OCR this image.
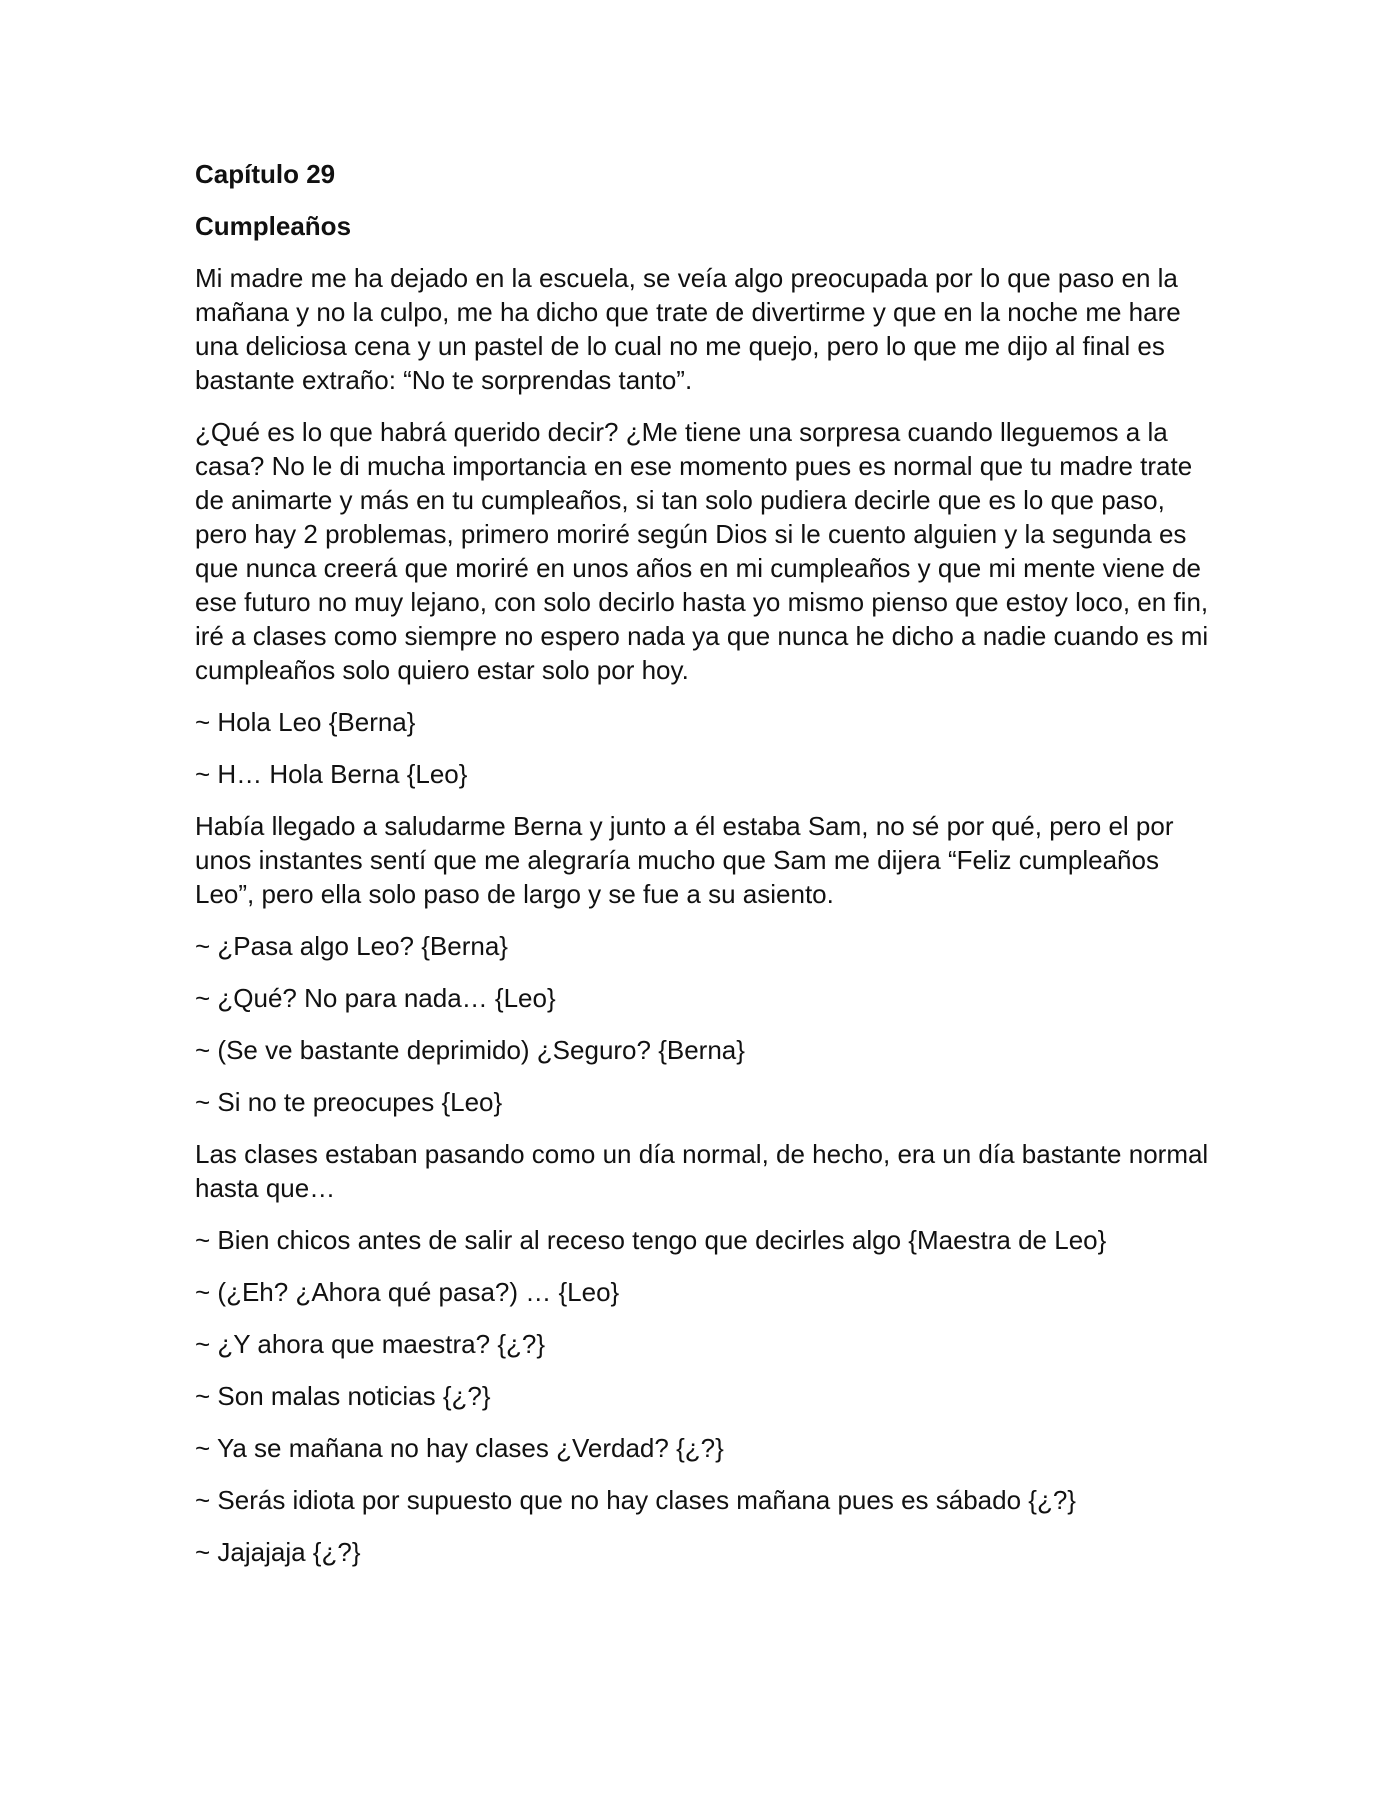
Capítulo 29
Cumpleaños

Mi madre me ha dejado en la escuela, se veía algo preocupada por lo que paso en la mañana y no la culpo, me ha dicho que trate de divertirme y que en la noche me hare una deliciosa cena y un pastel de lo cual no me quejo, pero lo que me dijo al final es bastante extraño: “No te sorprendas tanto”.

¿Qué es lo que habrá querido decir? ¿Me tiene una sorpresa cuando lleguemos a la casa? No le di mucha importancia en ese momento pues es normal que tu madre trate de animarte y más en tu cumpleaños, si tan solo pudiera decirle que es lo que paso, pero hay 2 problemas, primero moriré según Dios si le cuento alguien y la segunda es que nunca creerá que moriré en unos años en mi cumpleaños y que mi mente viene de ese futuro no muy lejano, con solo decirlo hasta yo mismo pienso que estoy loco, en fin, iré a clases como siempre no espero nada ya que nunca he dicho a nadie cuando es mi cumpleaños solo quiero estar solo por hoy.

~ Hola Leo {Berna}

~ H… Hola Berna {Leo}

Había llegado a saludarme Berna y junto a él estaba Sam, no sé por qué, pero el por unos instantes sentí que me alegraría mucho que Sam me dijera “Feliz cumpleaños Leo”, pero ella solo paso de largo y se fue a su asiento.

~ ¿Pasa algo Leo? {Berna}

~ ¿Qué? No para nada… {Leo}

~ (Se ve bastante deprimido) ¿Seguro? {Berna}

~ Si no te preocupes {Leo}

Las clases estaban pasando como un día normal, de hecho, era un día bastante normal hasta que…

~ Bien chicos antes de salir al receso tengo que decirles algo {Maestra de Leo}

~ (¿Eh? ¿Ahora qué pasa?) … {Leo}

~ ¿Y ahora que maestra? {¿?}

~ Son malas noticias {¿?}

~ Ya se mañana no hay clases ¿Verdad? {¿?}

~ Serás idiota por supuesto que no hay clases mañana pues es sábado {¿?}

~ Jajajaja {¿?}
